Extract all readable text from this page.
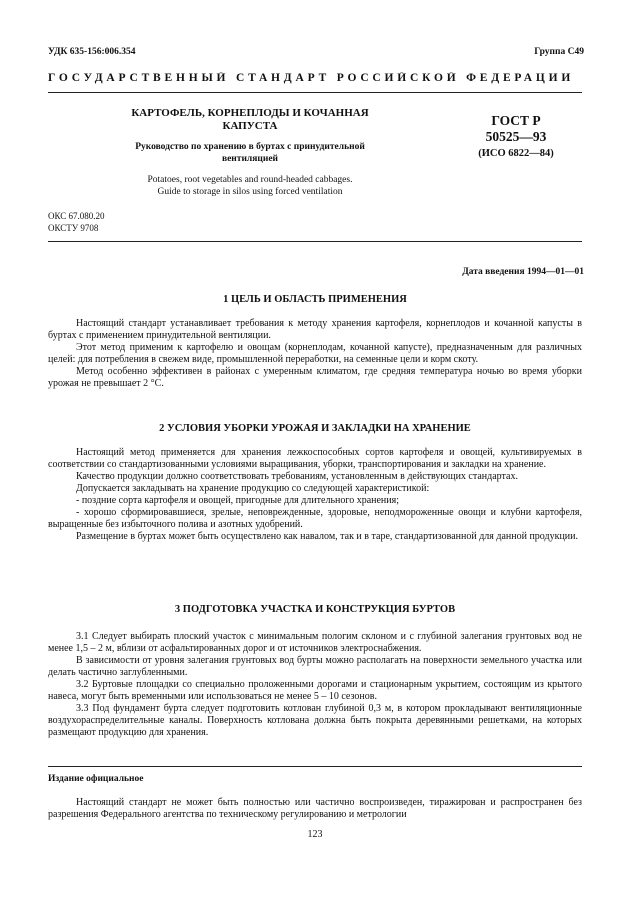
УДК 635-156:006.354	Группа С49
ГОСУДАРСТВЕННЫЙ СТАНДАРТ РОССИЙСКОЙ ФЕДЕРАЦИИ
КАРТОФЕЛЬ, КОРНЕПЛОДЫ И КОЧАННАЯ
КАПУСТА
Руководство по хранению в буртах с принудительной
вентиляцией
Potatoes, root vegetables and round-headed cabbages.
Guide to storage in silos using forced ventilation
ГОСТ Р
50525—93
(ИСО 6822—84)
ОКС 67.080.20
ОКСТУ 9708
Дата введения 1994—01—01
1 ЦЕЛЬ И ОБЛАСТЬ ПРИМЕНЕНИЯ

Настоящий стандарт устанавливает требования к методу хранения картофеля, корнеплодов и кочанной капусты в буртах с применением принудительной вентиляции.

Этот метод применим к картофелю и овощам (корнеплодам, кочанной капусте), предназначенным для различных целей: для потребления в свежем виде, промышленной переработки, на семенные цели и корм скоту.

Метод особенно эффективен в районах с умеренным климатом, где средняя температура ночью во время уборки урожая не превышает 2 °С.

2 УСЛОВИЯ УБОРКИ УРОЖАЯ И ЗАКЛАДКИ НА ХРАНЕНИЕ

Настоящий метод применяется для хранения лежкоспособных сортов картофеля и овощей, культивируемых в соответствии со стандартизованными условиями выращивания, уборки, транспортирования и закладки на хранение.

Качество продукции должно соответствовать требованиям, установленным в действующих стандартах.

Допускается закладывать на хранение продукцию со следующей характеристикой:

- поздние сорта картофеля и овощей, пригодные для длительного хранения;

- хорошо сформировавшиеся, зрелые, неповрежденные, здоровые, неподмороженные овощи и клубни картофеля, выращенные без избыточного полива и азотных удобрений.

Размещение в буртах может быть осуществлено как навалом, так и в таре, стандартизованной для данной продукции.

3 ПОДГОТОВКА УЧАСТКА И КОНСТРУКЦИЯ БУРТОВ

3.1 Следует выбирать плоский участок с минимальным пологим склоном и с глубиной залегания грунтовых вод не менее 1,5 – 2 м, вблизи от асфальтированных дорог и от источников электроснабжения.

В зависимости от уровня залегания грунтовых вод бурты можно располагать на поверхности земельного участка или делать частично заглубленными.

3.2 Буртовые площадки со специально проложенными дорогами и стационарным укрытием, состоящим из крытого навеса, могут быть временными или использоваться не менее 5 – 10 сезонов.

3.3 Под фундамент бурта следует подготовить котлован глубиной 0,3 м, в котором прокладывают вентиляционные воздухораспределительные каналы. Поверхность котлована должна быть покрыта деревянными решетками, на которых размещают продукцию для хранения.

Издание официальное

Настоящий стандарт не может быть полностью или частично воспроизведен, тиражирован и распространен без разрешения Федерального агентства по техническому регулированию и метрологии

123
